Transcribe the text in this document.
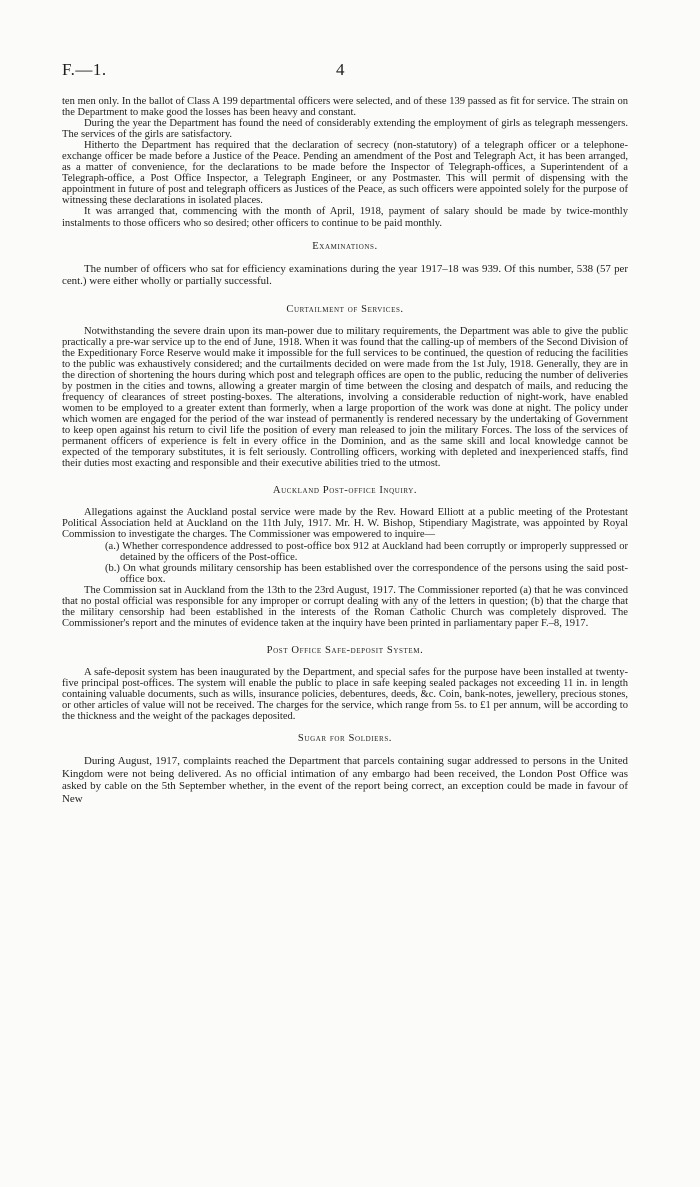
F.—1.	4

ten men only. In the ballot of Class A 199 departmental officers were selected, and of these 139 passed as fit for service. The strain on the Department to make good the losses has been heavy and constant.

During the year the Department has found the need of considerably extending the employment of girls as telegraph messengers. The services of the girls are satisfactory.

Hitherto the Department has required that the declaration of secrecy (non-statutory) of a telegraph officer or a telephone-exchange officer be made before a Justice of the Peace. Pending an amendment of the Post and Telegraph Act, it has been arranged, as a matter of convenience, for the declarations to be made before the Inspector of Telegraph-offices, a Superintendent of a Telegraph-office, a Post Office Inspector, a Telegraph Engineer, or any Postmaster. This will permit of dispensing with the appointment in future of post and telegraph officers as Justices of the Peace, as such officers were appointed solely for the purpose of witnessing these declarations in isolated places.

It was arranged that, commencing with the month of April, 1918, payment of salary should be made by twice-monthly instalments to those officers who so desired; other officers to continue to be paid monthly.

Examinations.

The number of officers who sat for efficiency examinations during the year 1917–18 was 939. Of this number, 538 (57 per cent.) were either wholly or partially successful.

Curtailment of Services.

Notwithstanding the severe drain upon its man-power due to military requirements, the Department was able to give the public practically a pre-war service up to the end of June, 1918. When it was found that the calling-up of members of the Second Division of the Expeditionary Force Reserve would make it impossible for the full services to be continued, the question of reducing the facilities to the public was exhaustively considered; and the curtailments decided on were made from the 1st July, 1918. Generally, they are in the direction of shortening the hours during which post and telegraph offices are open to the public, reducing the number of deliveries by postmen in the cities and towns, allowing a greater margin of time between the closing and despatch of mails, and reducing the frequency of clearances of street posting-boxes. The alterations, involving a considerable reduction of night-work, have enabled women to be employed to a greater extent than formerly, when a large proportion of the work was done at night. The policy under which women are engaged for the period of the war instead of permanently is rendered necessary by the undertaking of Government to keep open against his return to civil life the position of every man released to join the military Forces. The loss of the services of permanent officers of experience is felt in every office in the Dominion, and as the same skill and local knowledge cannot be expected of the temporary substitutes, it is felt seriously. Controlling officers, working with depleted and inexperienced staffs, find their duties most exacting and responsible and their executive abilities tried to the utmost.

Auckland Post-office Inquiry.

Allegations against the Auckland postal service were made by the Rev. Howard Elliott at a public meeting of the Protestant Political Association held at Auckland on the 11th July, 1917. Mr. H. W. Bishop, Stipendiary Magistrate, was appointed by Royal Commission to investigate the charges. The Commissioner was empowered to inquire—

(a.) Whether correspondence addressed to post-office box 912 at Auckland had been corruptly or improperly suppressed or detained by the officers of the Post-office.

(b.) On what grounds military censorship has been established over the correspondence of the persons using the said post-office box.

The Commission sat in Auckland from the 13th to the 23rd August, 1917. The Commissioner reported (a) that he was convinced that no postal official was responsible for any improper or corrupt dealing with any of the letters in question; (b) that the charge that the military censorship had been established in the interests of the Roman Catholic Church was completely disproved. The Commissioner's report and the minutes of evidence taken at the inquiry have been printed in parliamentary paper F.–8, 1917.

Post Office Safe-deposit System.

A safe-deposit system has been inaugurated by the Department, and special safes for the purpose have been installed at twenty-five principal post-offices. The system will enable the public to place in safe keeping sealed packages not exceeding 11 in. in length containing valuable documents, such as wills, insurance policies, debentures, deeds, &c. Coin, bank-notes, jewellery, precious stones, or other articles of value will not be received. The charges for the service, which range from 5s. to £1 per annum, will be according to the thickness and the weight of the packages deposited.

Sugar for Soldiers.

During August, 1917, complaints reached the Department that parcels containing sugar addressed to persons in the United Kingdom were not being delivered. As no official intimation of any embargo had been received, the London Post Office was asked by cable on the 5th September whether, in the event of the report being correct, an exception could be made in favour of New
